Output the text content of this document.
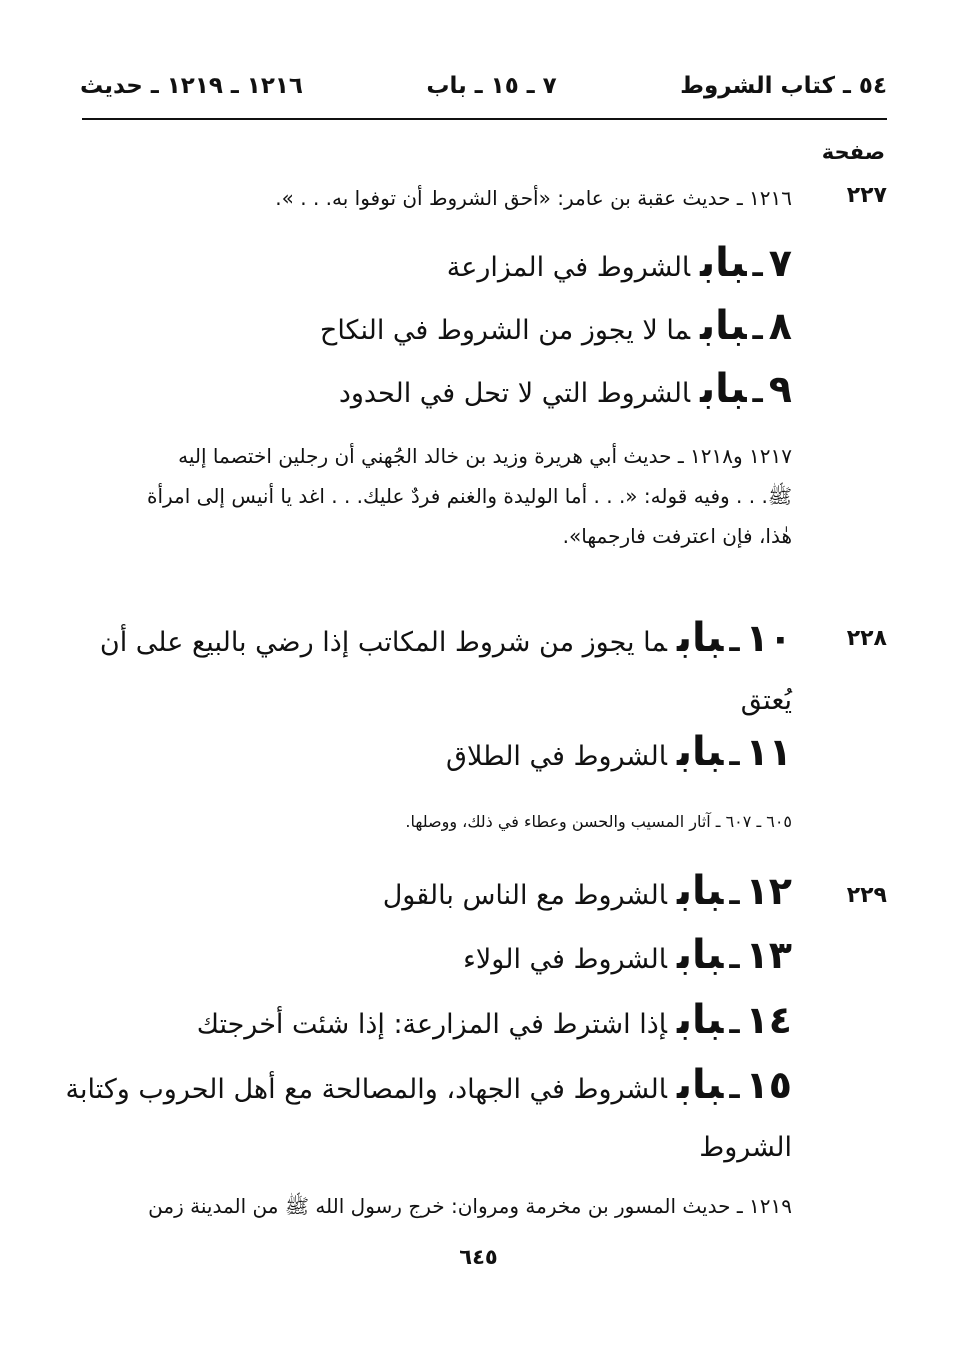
٥٤ ـ كتاب الشروط
٧ ـ ١٥ ـ باب
١٢١٦ ـ ١٢١٩ ـ حديث
صفحة
٢٢٧
١٢١٦ ـ حديث عقبة بن عامر: «أحق الشروط أن توفوا به. . . ».
٧ـبابالشروط في المزارعة
٨ـبابما لا يجوز من الشروط في النكاح
٩ـبابالشروط التي لا تحل في الحدود
١٢١٧ و١٢١٨ ـ حديث أبي هريرة وزيد بن خالد الجُهني أن رجلين اختصما إليه
ﷺ. . . وفيه قوله: «. . . أما الوليدة والغنم فردٌ عليك. . . اغد يا أنيس إلى امرأة
هٰذا، فإن اعترفت فارجمها».
٢٢٨
١٠ـبابما يجوز من شروط المكاتب إذا رضي بالبيع على أن
يُعتق
١١ـبابالشروط في الطلاق
٦٠٥ ـ ٦٠٧ ـ آثار المسيب والحسن وعطاء في ذلك، ووصلها.
٢٢٩
١٢ـبابالشروط مع الناس بالقول
١٣ـبابالشروط في الولاء
١٤ـبابإذا اشترط في المزارعة: إذا شئت أخرجتك
١٥ـبابالشروط في الجهاد، والمصالحة مع أهل الحروب وكتابة
الشروط
١٢١٩ ـ حديث المسور بن مخرمة ومروان: خرج رسول الله ﷺ من المدينة زمن
٦٤٥
